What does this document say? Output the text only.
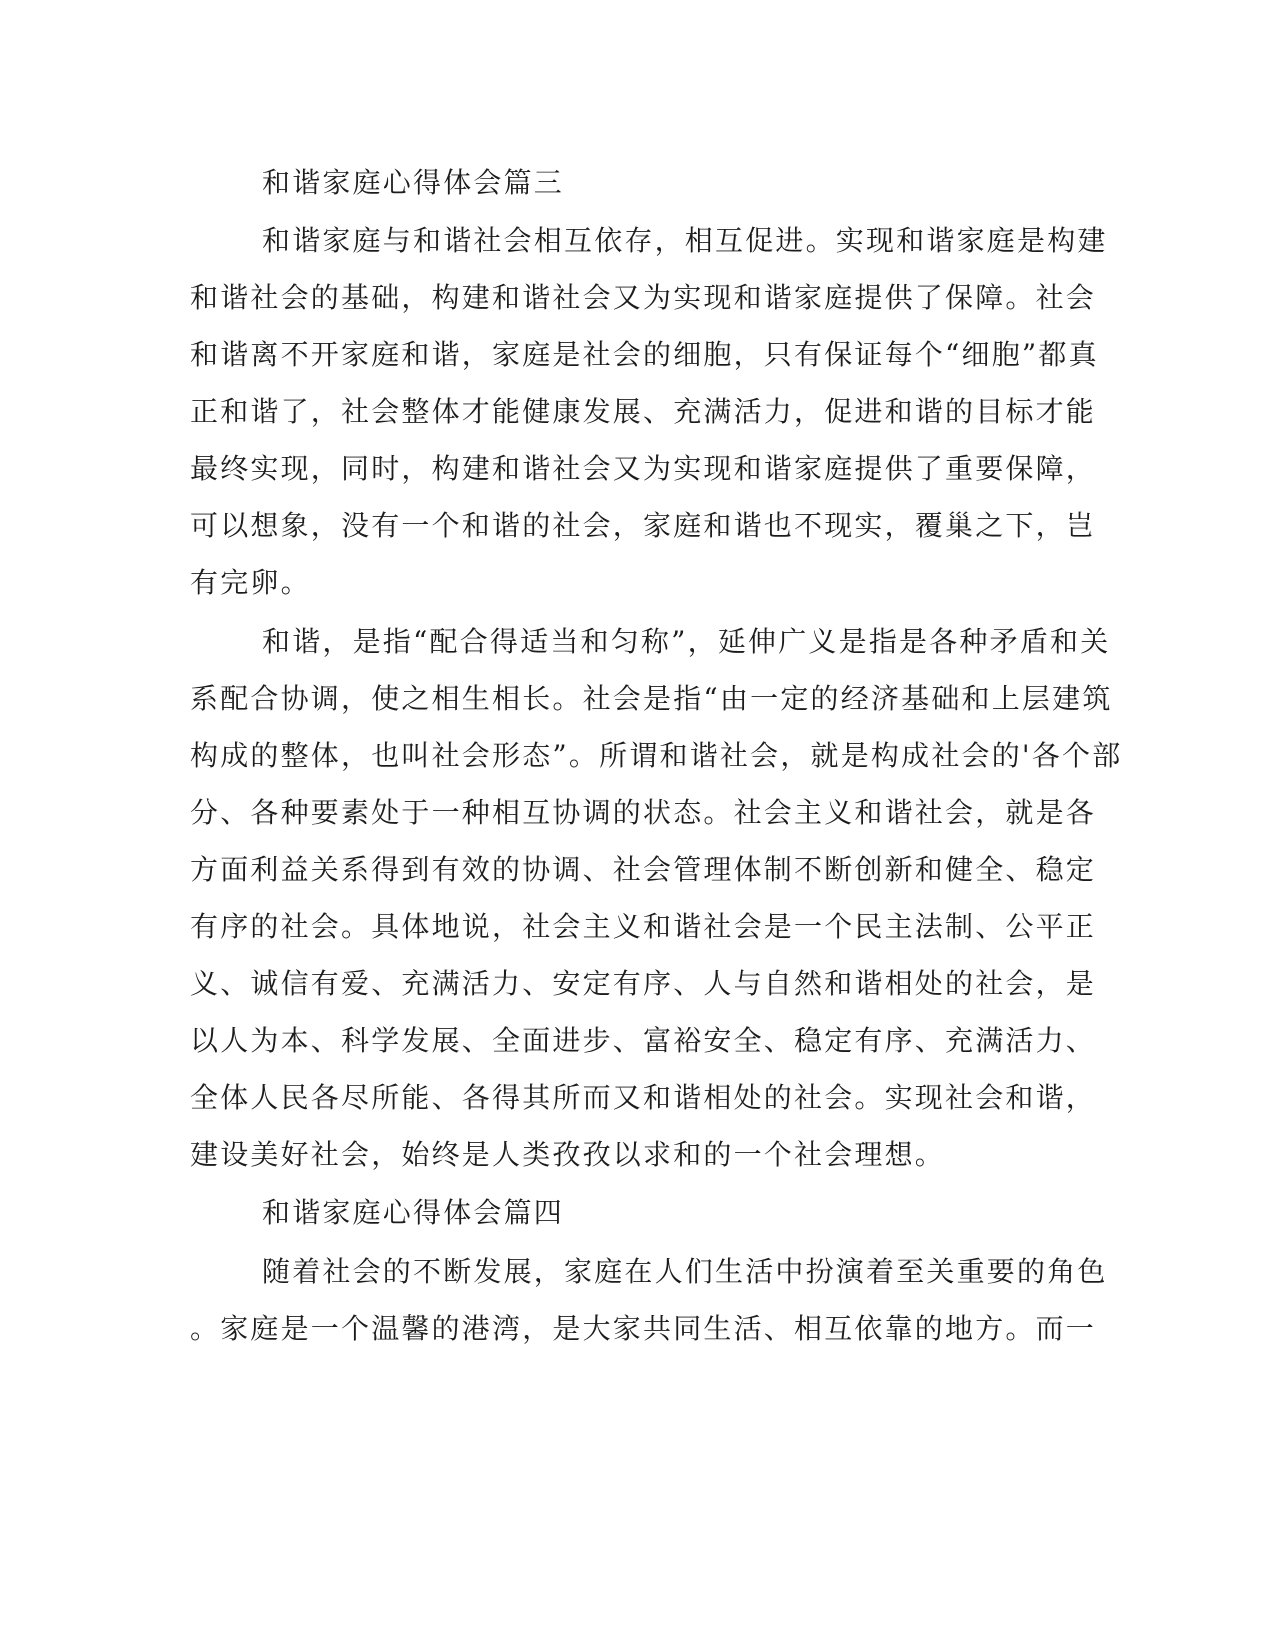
和谐家庭心得体会篇三
和谐家庭与和谐社会相互依存，相互促进。实现和谐家庭是构建
和谐社会的基础，构建和谐社会又为实现和谐家庭提供了保障。社会
和谐离不开家庭和谐，家庭是社会的细胞，只有保证每个“细胞”都真
正和谐了，社会整体才能健康发展、充满活力，促进和谐的目标才能
最终实现，同时，构建和谐社会又为实现和谐家庭提供了重要保障，
可以想象，没有一个和谐的社会，家庭和谐也不现实，覆巢之下，岂
有完卵。
和谐，是指“配合得适当和匀称”，延伸广义是指是各种矛盾和关
系配合协调，使之相生相长。社会是指“由一定的经济基础和上层建筑
构成的整体，也叫社会形态”。所谓和谐社会，就是构成社会的'各个部
分、各种要素处于一种相互协调的状态。社会主义和谐社会，就是各
方面利益关系得到有效的协调、社会管理体制不断创新和健全、稳定
有序的社会。具体地说，社会主义和谐社会是一个民主法制、公平正
义、诚信有爱、充满活力、安定有序、人与自然和谐相处的社会，是
以人为本、科学发展、全面进步、富裕安全、稳定有序、充满活力、
全体人民各尽所能、各得其所而又和谐相处的社会。实现社会和谐，
建设美好社会，始终是人类孜孜以求和的一个社会理想。
和谐家庭心得体会篇四
随着社会的不断发展，家庭在人们生活中扮演着至关重要的角色
。家庭是一个温馨的港湾，是大家共同生活、相互依靠的地方。而一
